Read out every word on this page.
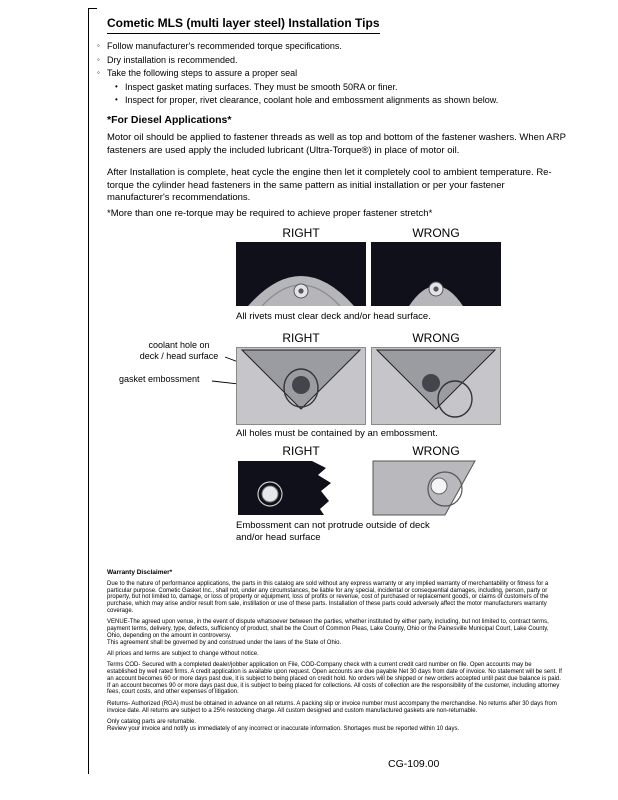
Cometic MLS (multi layer steel) Installation Tips
◦
Follow manufacturer's recommended torque specifications.
◦
Dry installation is recommended.
◦
Take the following steps to assure a proper seal
•
Inspect gasket mating surfaces. They must be smooth 50RA or finer.
•
Inspect for proper, rivet clearance, coolant hole and embossment alignments as shown below.
*For Diesel Applications*
Motor oil should be applied to fastener threads as well as top and bottom of the fastener washers. When ARP fasteners are used apply the included lubricant (Ultra-Torque®) in place of motor oil.
After Installation is complete, heat cycle the engine then let it completely cool to ambient temperature. Re-torque the cylinder head fasteners in the same pattern as initial installation or per your fastener manufacturer's recommendations.
*More than one re-torque may be required to achieve proper fastener stretch*
RIGHT	WRONG
All rivets must clear deck and/or head surface.
RIGHT	WRONG
coolant hole on
deck / head surface
gasket embossment
All holes must be contained by an embossment.
RIGHT	WRONG
Embossment can not protrude outside of deck
and/or head surface
Warranty Disclaimer*

Due to the nature of performance applications, the parts in this catalog are sold without any express warranty or any implied warranty of merchantability or fitness for a particular purpose. Cometic Gasket Inc., shall not, under any circumstances, be liable for any special, incidental or consequential damages, including, person, party or property, but not limited to, damage, or loss of property or equipment, loss of profits or revenue, cost of purchased or replacement goods, or claims of customers of the purchase, which may arise and/or result from sale, instillation or use of these parts. Installation of these parts could adversely affect the motor manufacturers warranty coverage.

VENUE-The agreed upon venue, in the event of dispute whatsoever between the parties, whether instituted by either party, including, but not limited to, contract terms, payment terms, delivery, type, defects, sufficiency of product, shall be the Court of Common Pleas, Lake County, Ohio or the Painesville Municipal Court, Lake County, Ohio, depending on the amount in controversy.

This agreement shall be governed by and construed under the laws of the State of Ohio.

All prices and terms are subject to change without notice.

Terms COD- Secured with a completed dealer/jobber application on File, COD-Company check with a current credit card number on file. Open accounts may be established by well rated firms. A credit application is available upon request. Open accounts are due payable Net 30 days from date of invoice. No statement will be sent. If an account becomes 60 or more days past due, it is subject to being placed on credit hold. No orders will be shipped or new orders accepted until past due balance is paid. If an account becomes 90 or more days past due, it is subject to being placed for collections. All costs of collection are the responsibility of the customer, including attorney fees, court costs, and other expenses of litigation.

Returns- Authorized (RGA) must be obtained in advance on all returns. A packing slip or invoice number must accompany the merchandise. No returns after 30 days from invoice date. All returns are subject to a 25% restocking charge. All custom designed and custom manufactured gaskets are non-returnable.

Only catalog parts are returnable.

Review your invoice and notify us immediately of any incorrect or inaccurate information. Shortages must be reported within 10 days.

CG-109.00
